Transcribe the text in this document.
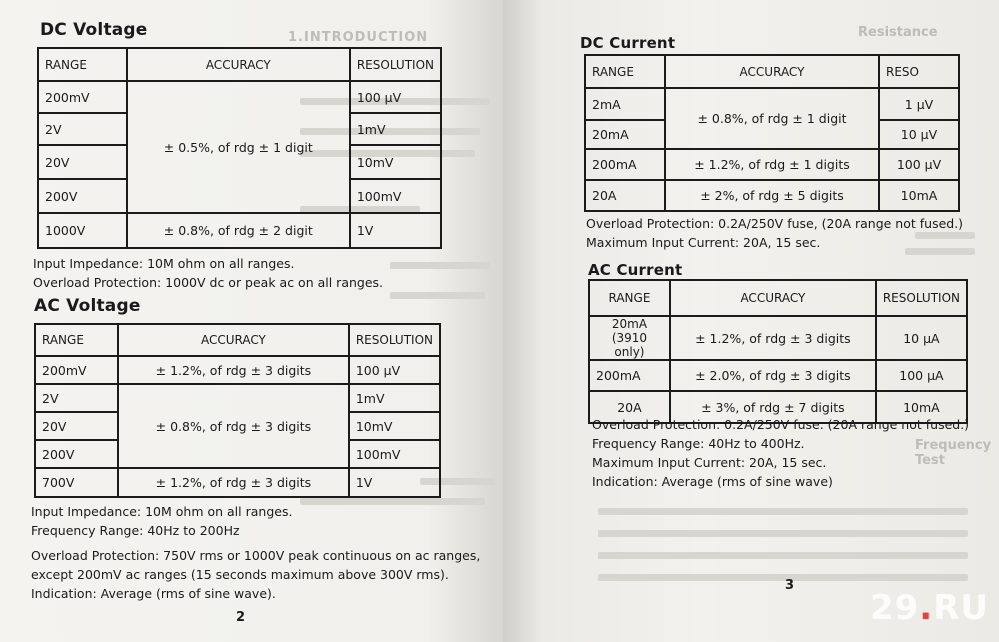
1.INTRODUCTION
DC Voltage
RANGE	ACCURACY	RESOLUTION
200mV	± 0.5%, of rdg ± 1 digit	100 μV
2V		1mV
20V		10mV
200V		100mV
1000V	± 0.8%, of rdg ± 2 digit	1V
Input Impedance: 10M ohm on all ranges.
Overload Protection: 1000V dc or peak ac on all ranges.
AC Voltage
RANGE	ACCURACY	RESOLUTION
200mV	± 1.2%, of rdg ± 3 digits	100 μV
2V	± 0.8%, of rdg ± 3 digits	1mV
20V		10mV
200V		100mV
700V	± 1.2%, of rdg ± 3 digits	1V
Input Impedance: 10M ohm on all ranges.
Frequency Range: 40Hz to 200Hz
Overload Protection: 750V rms or 1000V peak continuous on ac ranges,
except 200mV ac ranges (15 seconds maximum above 300V rms).
Indication: Average (rms of sine wave).
2
Resistance
Frequency Test
DC Current
RANGE	ACCURACY	RESO
2mA	± 0.8%, of rdg ± 1 digit	1 μV
20mA		10 μV
200mA	± 1.2%, of rdg ± 1 digits	100 μV
20A	± 2%, of rdg ± 5 digits	10mA
Overload Protection: 0.2A/250V fuse, (20A range not fused.)
Maximum Input Current: 20A, 15 sec.
AC Current
RANGE	ACCURACY	RESOLUTION

20mA
(3910 only)	± 1.2%, of rdg ± 3 digits	10 μA
200mA	± 2.0%, of rdg ± 3 digits	100 μA
20A	± 3%, of rdg ± 7 digits	10mA
Overload Protection: 0.2A/250V fuse. (20A range not fused.)
Frequency Range: 40Hz to 400Hz.
Maximum Input Current: 20A, 15 sec.
Indication: Average (rms of sine wave)
3
29.RU
